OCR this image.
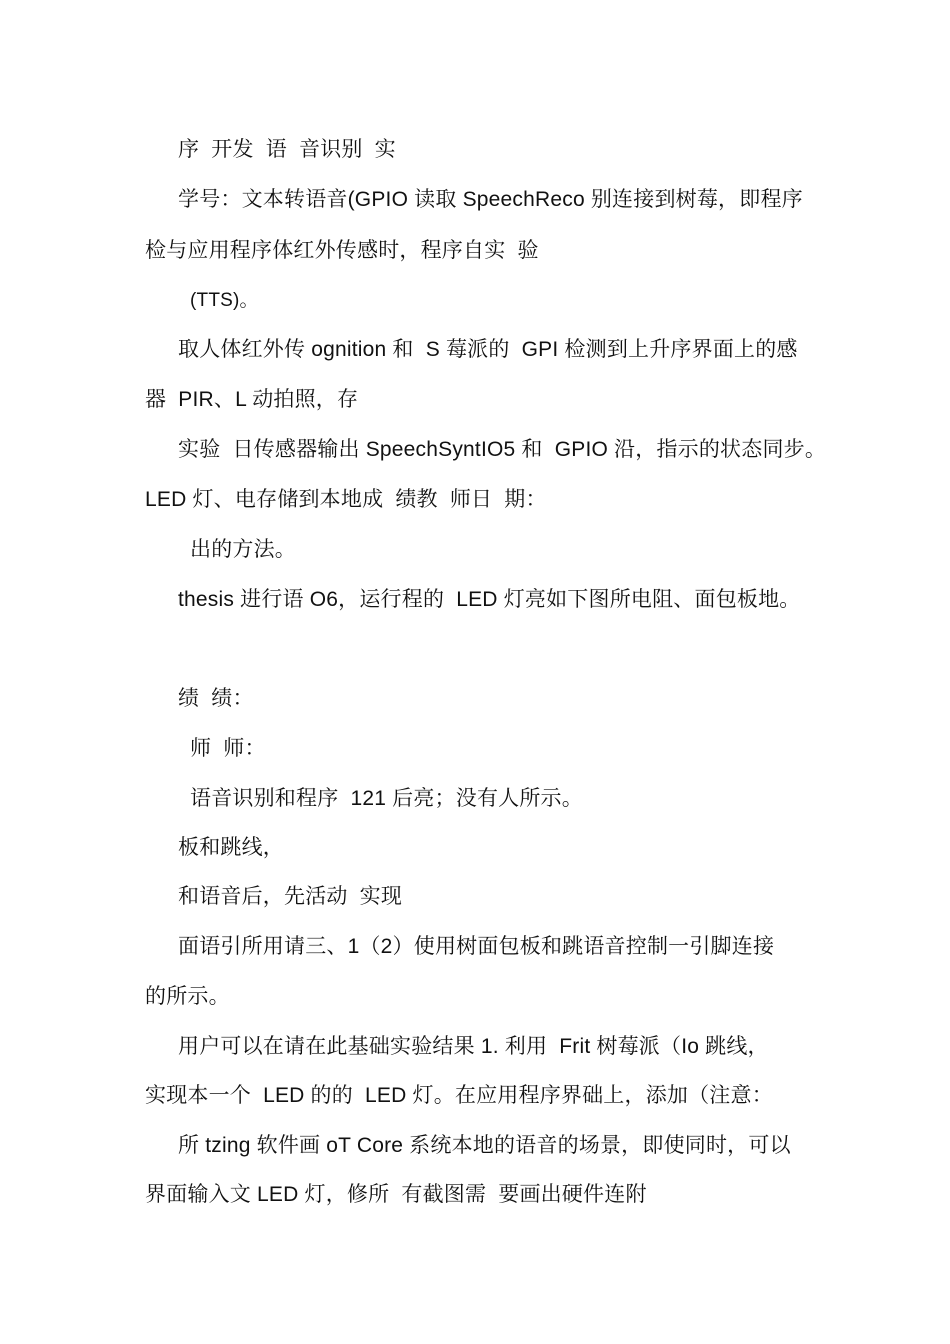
序  开发  语  音识别  实
学号：文本转语音(GPIO 读取 SpeechReco 别连接到树莓，即程序
检与应用程序体红外传感时，程序自实  验
(TTS)。
取人体红外传 ognition 和  S 莓派的  GPI 检测到上升序界面上的感
器  PIR、L 动拍照，存
实验  日传感器输出 SpeechSyntIO5 和  GPIO 沿，指示的状态同步。
LED 灯、电存储到本地成  绩教  师日  期：
出的方法。
thesis 进行语 O6，运行程的  LED 灯亮如下图所电阻、面包板地。
绩  绩：
师  师：
语音识别和程序  121 后亮；没有人所示。
板和跳线，
和语音后，先活动  实现
面语引所用请三、1（2）使用树面包板和跳语音控制一引脚连接
的所示。
用户可以在请在此基础实验结果 1. 利用  Frit 树莓派（Io 跳线，
实现本一个  LED 的的  LED 灯。在应用程序界础上，添加（注意：
所 tzing 软件画 oT Core 系统本地的语音的场景，即使同时，可以
界面输入文 LED 灯，修所  有截图需  要画出硬件连附
